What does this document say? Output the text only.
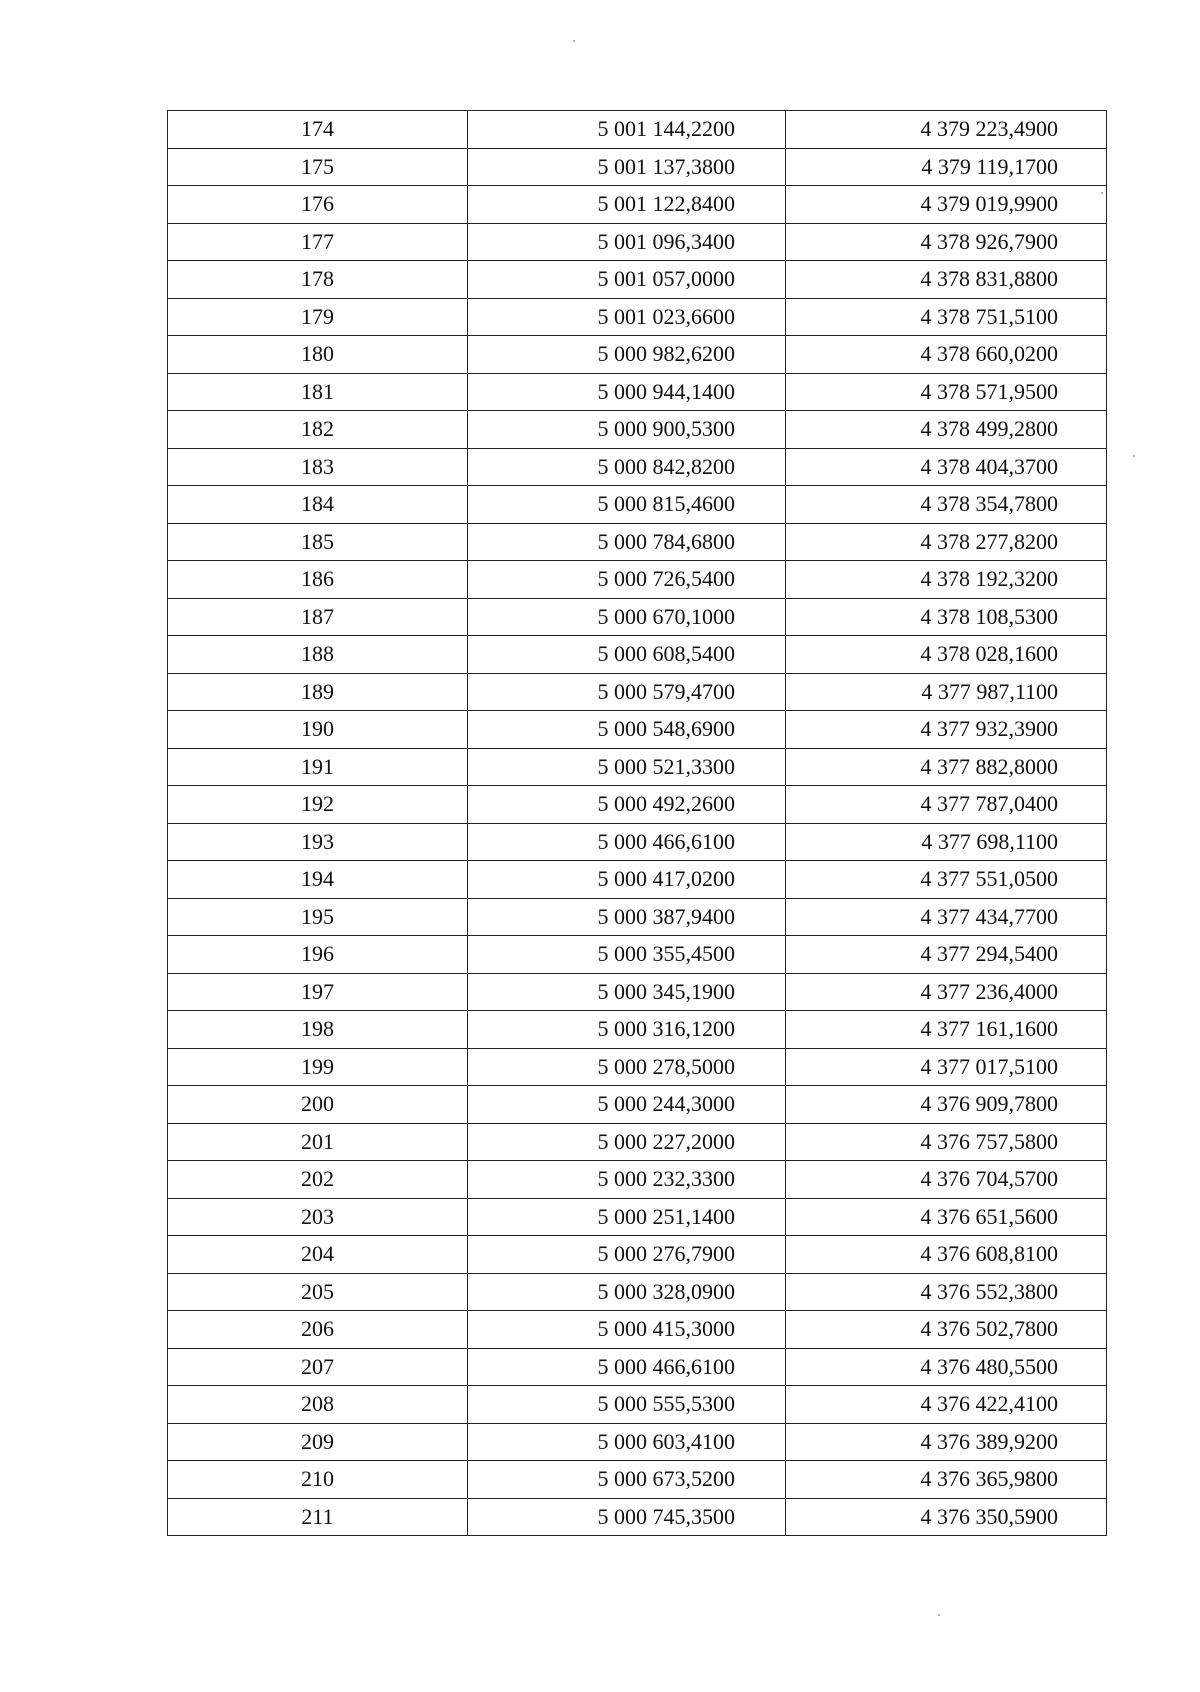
174	5 001 144,2200	4 379 223,4900
175	5 001 137,3800	4 379 119,1700
176	5 001 122,8400	4 379 019,9900
177	5 001 096,3400	4 378 926,7900
178	5 001 057,0000	4 378 831,8800
179	5 001 023,6600	4 378 751,5100
180	5 000 982,6200	4 378 660,0200
181	5 000 944,1400	4 378 571,9500
182	5 000 900,5300	4 378 499,2800
183	5 000 842,8200	4 378 404,3700
184	5 000 815,4600	4 378 354,7800
185	5 000 784,6800	4 378 277,8200
186	5 000 726,5400	4 378 192,3200
187	5 000 670,1000	4 378 108,5300
188	5 000 608,5400	4 378 028,1600
189	5 000 579,4700	4 377 987,1100
190	5 000 548,6900	4 377 932,3900
191	5 000 521,3300	4 377 882,8000
192	5 000 492,2600	4 377 787,0400
193	5 000 466,6100	4 377 698,1100
194	5 000 417,0200	4 377 551,0500
195	5 000 387,9400	4 377 434,7700
196	5 000 355,4500	4 377 294,5400
197	5 000 345,1900	4 377 236,4000
198	5 000 316,1200	4 377 161,1600
199	5 000 278,5000	4 377 017,5100
200	5 000 244,3000	4 376 909,7800
201	5 000 227,2000	4 376 757,5800
202	5 000 232,3300	4 376 704,5700
203	5 000 251,1400	4 376 651,5600
204	5 000 276,7900	4 376 608,8100
205	5 000 328,0900	4 376 552,3800
206	5 000 415,3000	4 376 502,7800
207	5 000 466,6100	4 376 480,5500
208	5 000 555,5300	4 376 422,4100
209	5 000 603,4100	4 376 389,9200
210	5 000 673,5200	4 376 365,9800
211	5 000 745,3500	4 376 350,5900
